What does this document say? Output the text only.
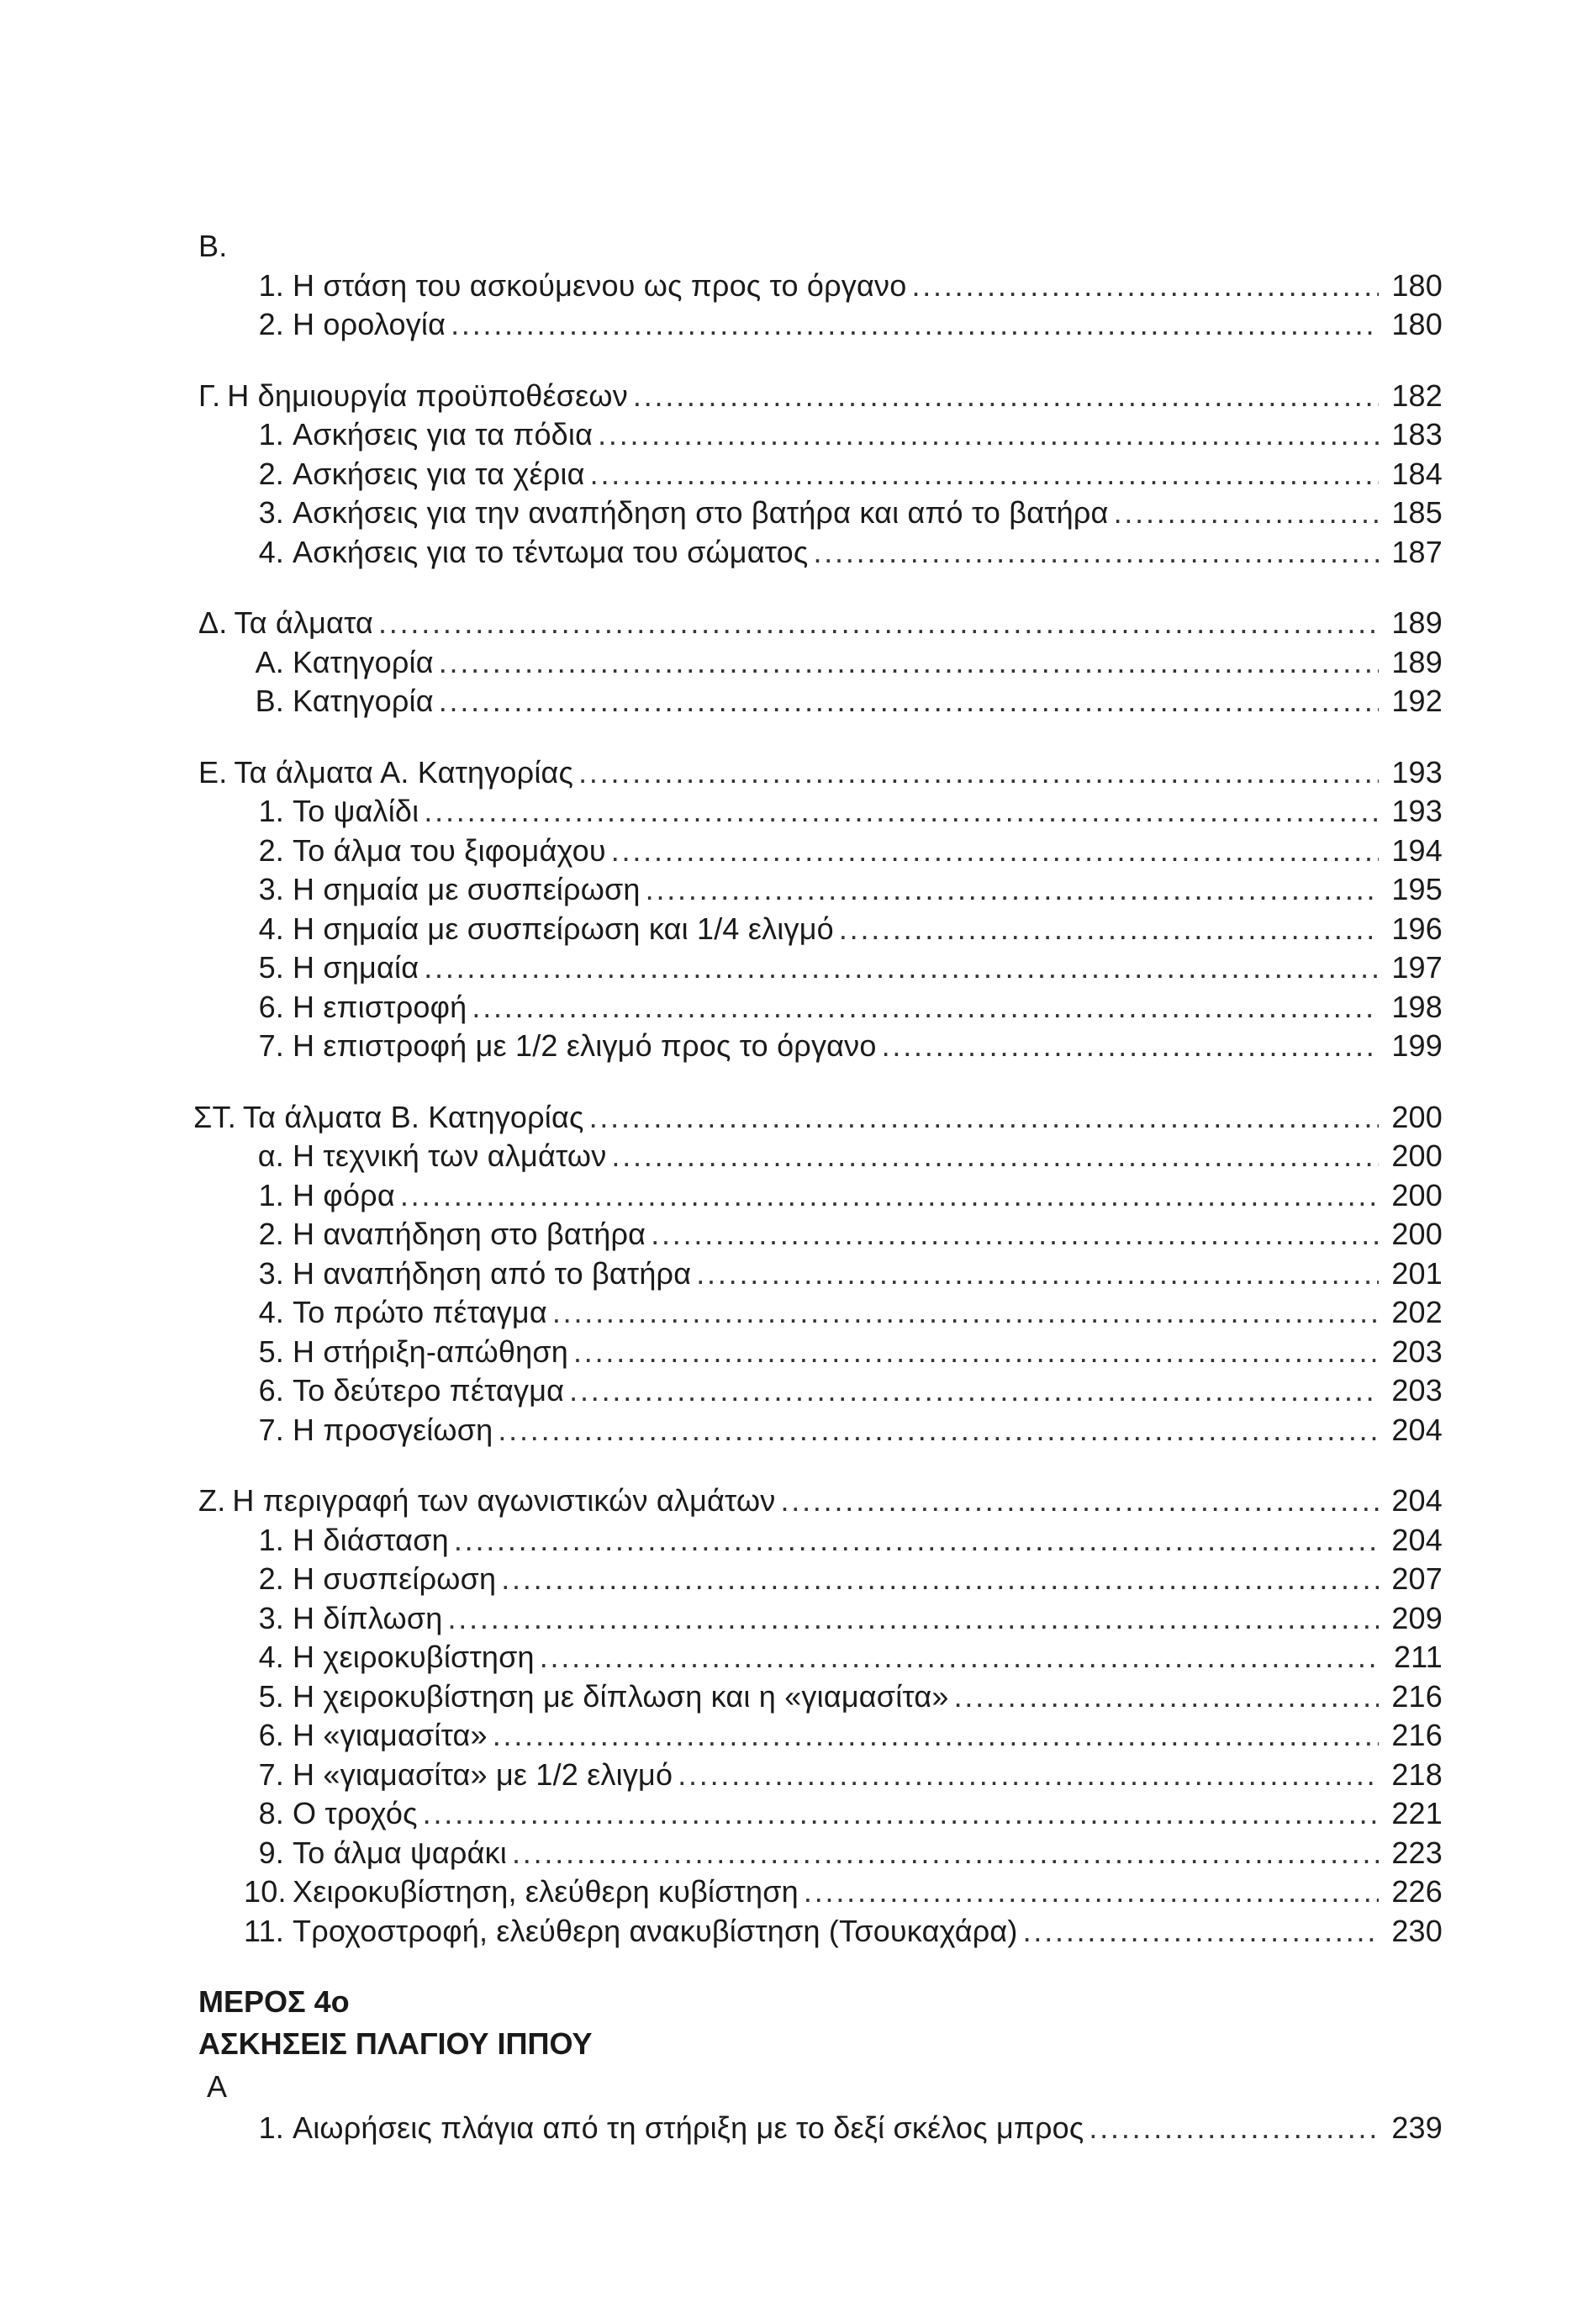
B.
1. Η στάση του ασκούμενου ως προς το όργανο . . .	180
2. Η ορολογία . . .	180
Γ. Η δημιουργία προϋποθέσεων . . .	182
1. Ασκήσεις για τα πόδια . . .	183
2. Ασκήσεις για τα χέρια . . .	184
3. Ασκήσεις για την αναπήδηση στο βατήρα και από το βατήρα . . .	185
4. Ασκήσεις για το τέντωμα του σώματος . . .	187
Δ. Τα άλματα . . .	189
Α. Κατηγορία . . .	189
Β. Κατηγορία . . .	192
Ε. Τα άλματα Α. Κατηγορίας . . .	193
1. Το ψαλίδι . . .	193
2. Το άλμα του ξιφομάχου . . .	194
3. Η σημαία με συσπείρωση . . .	195
4. Η σημαία με συσπείρωση και 1/4 ελιγμό . . .	196
5. Η σημαία . . .	197
6. Η επιστροφή . . .	198
7. Η επιστροφή με 1/2 ελιγμό προς το όργανο . . .	199
ΣΤ. Τα άλματα Β. Κατηγορίας . . .	200
α. Η τεχνική των αλμάτων . . .	200
1. Η φόρα . . .	200
2. Η αναπήδηση στο βατήρα . . .	200
3. Η αναπήδηση από το βατήρα . . .	201
4. Το πρώτο πέταγμα . . .	202
5. Η στήριξη-απώθηση . . .	203
6. Το δεύτερο πέταγμα . . .	203
7. Η προσγείωση . . .	204
Ζ. Η περιγραφή των αγωνιστικών αλμάτων . . .	204
1. Η διάσταση . . .	204
2. Η συσπείρωση . . .	207
3. Η δίπλωση . . .	209
4. Η χειροκυβίστηση . . .	211
5. Η χειροκυβίστηση με δίπλωση και η «γιαμασίτα» . . .	216
6. Η «γιαμασίτα» . . .	216
7. Η «γιαμασίτα» με 1/2 ελιγμό . . .	218
8. Ο τροχός . . .	221
9. Το άλμα ψαράκι . . .	223
10. Χειροκυβίστηση, ελεύθερη κυβίστηση . . .	226
11. Τροχοστροφή, ελεύθερη ανακυβίστηση (Τσουκαχάρα) . . .	230
ΜΕΡΟΣ 4ο
ΑΣΚΗΣΕΙΣ ΠΛΑΓΙΟΥ ΙΠΠΟΥ
Α
1. Αιωρήσεις πλάγια από τη στήριξη με το δεξί σκέλος μπρος . . .	239
